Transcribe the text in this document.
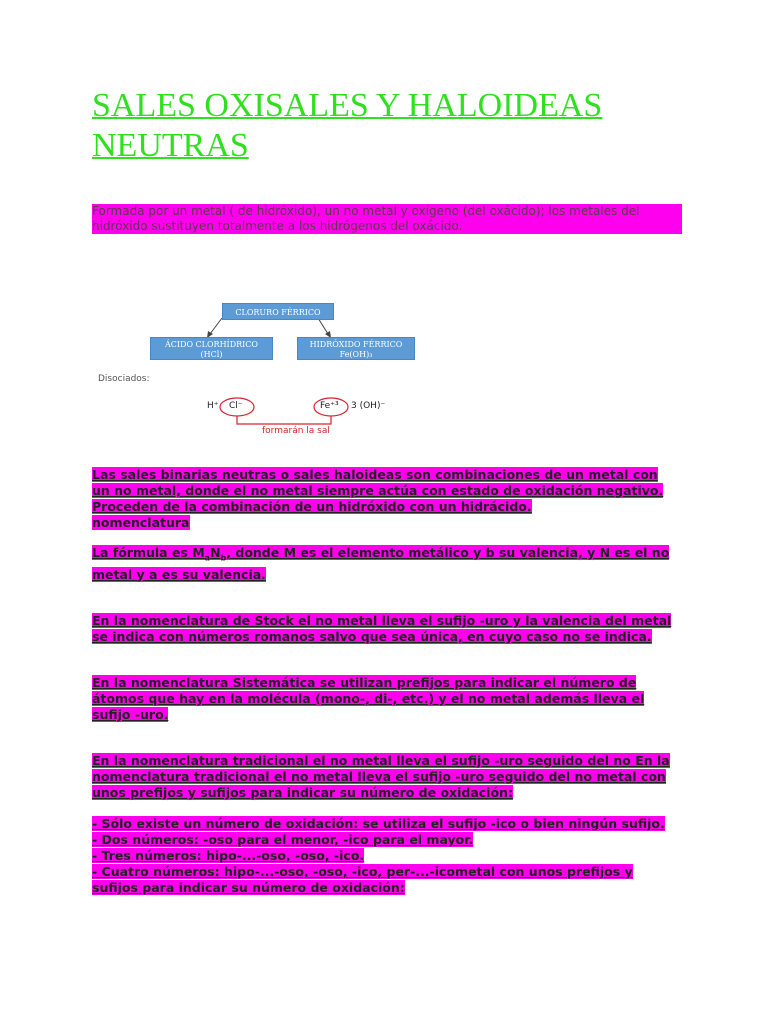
SALES OXISALES Y HALOIDEAS NEUTRAS

Formada por un metal ( de hidróxido), un no metal y oxígeno (del oxácido); los metales del hidróxido sustituyen totalmente a los hidrógenos del oxácido.

CLORURO FÉRRICO
ÁCIDO CLORHÍDRICO
(HCl)
HIDRÓXIDO FÉRRICO
Fe(OH)₃
Disociados:
H⁺ Cl⁻	Fe⁺³ 3 (OH)⁻
formarán la sal
Las sales binarias neutras o sales haloideas son combinaciones de un metal con
un no metal, donde el no metal siempre actúa con estado de oxidación negativo.
Proceden de la combinación de un hidróxido con un hidrácido.
nomenclatura
La fórmula es $M_aN_b$, donde M es el elemento metálico y b su valencia, y N es el no
metal y a es su valencia.
En la nomenclatura de Stock el no metal lleva el sufijo -uro y la valencia del metal
se indica con números romanos salvo que sea única, en cuyo caso no se indica.
En la nomenclatura Sistemática se utilizan prefijos para indicar el número de
átomos que hay en la molécula (mono-, di-, etc.) y el no metal además lleva el
sufijo -uro.
En la nomenclatura tradicional el no metal lleva el sufijo -uro seguido del no En la
nomenclatura tradicional el no metal lleva el sufijo -uro seguido del no metal con
unos prefijos y sufijos para indicar su número de oxidación:
- Sólo existe un número de oxidación: se utiliza el sufijo -ico o bien ningún sufijo.
- Dos números: -oso para el menor, -ico para el mayor.
- Tres números: hipo-...-oso, -oso, -ico.
- Cuatro números: hipo-...-oso, -oso, -ico, per-...-icometal con unos prefijos y
sufijos para indicar su número de oxidación:
